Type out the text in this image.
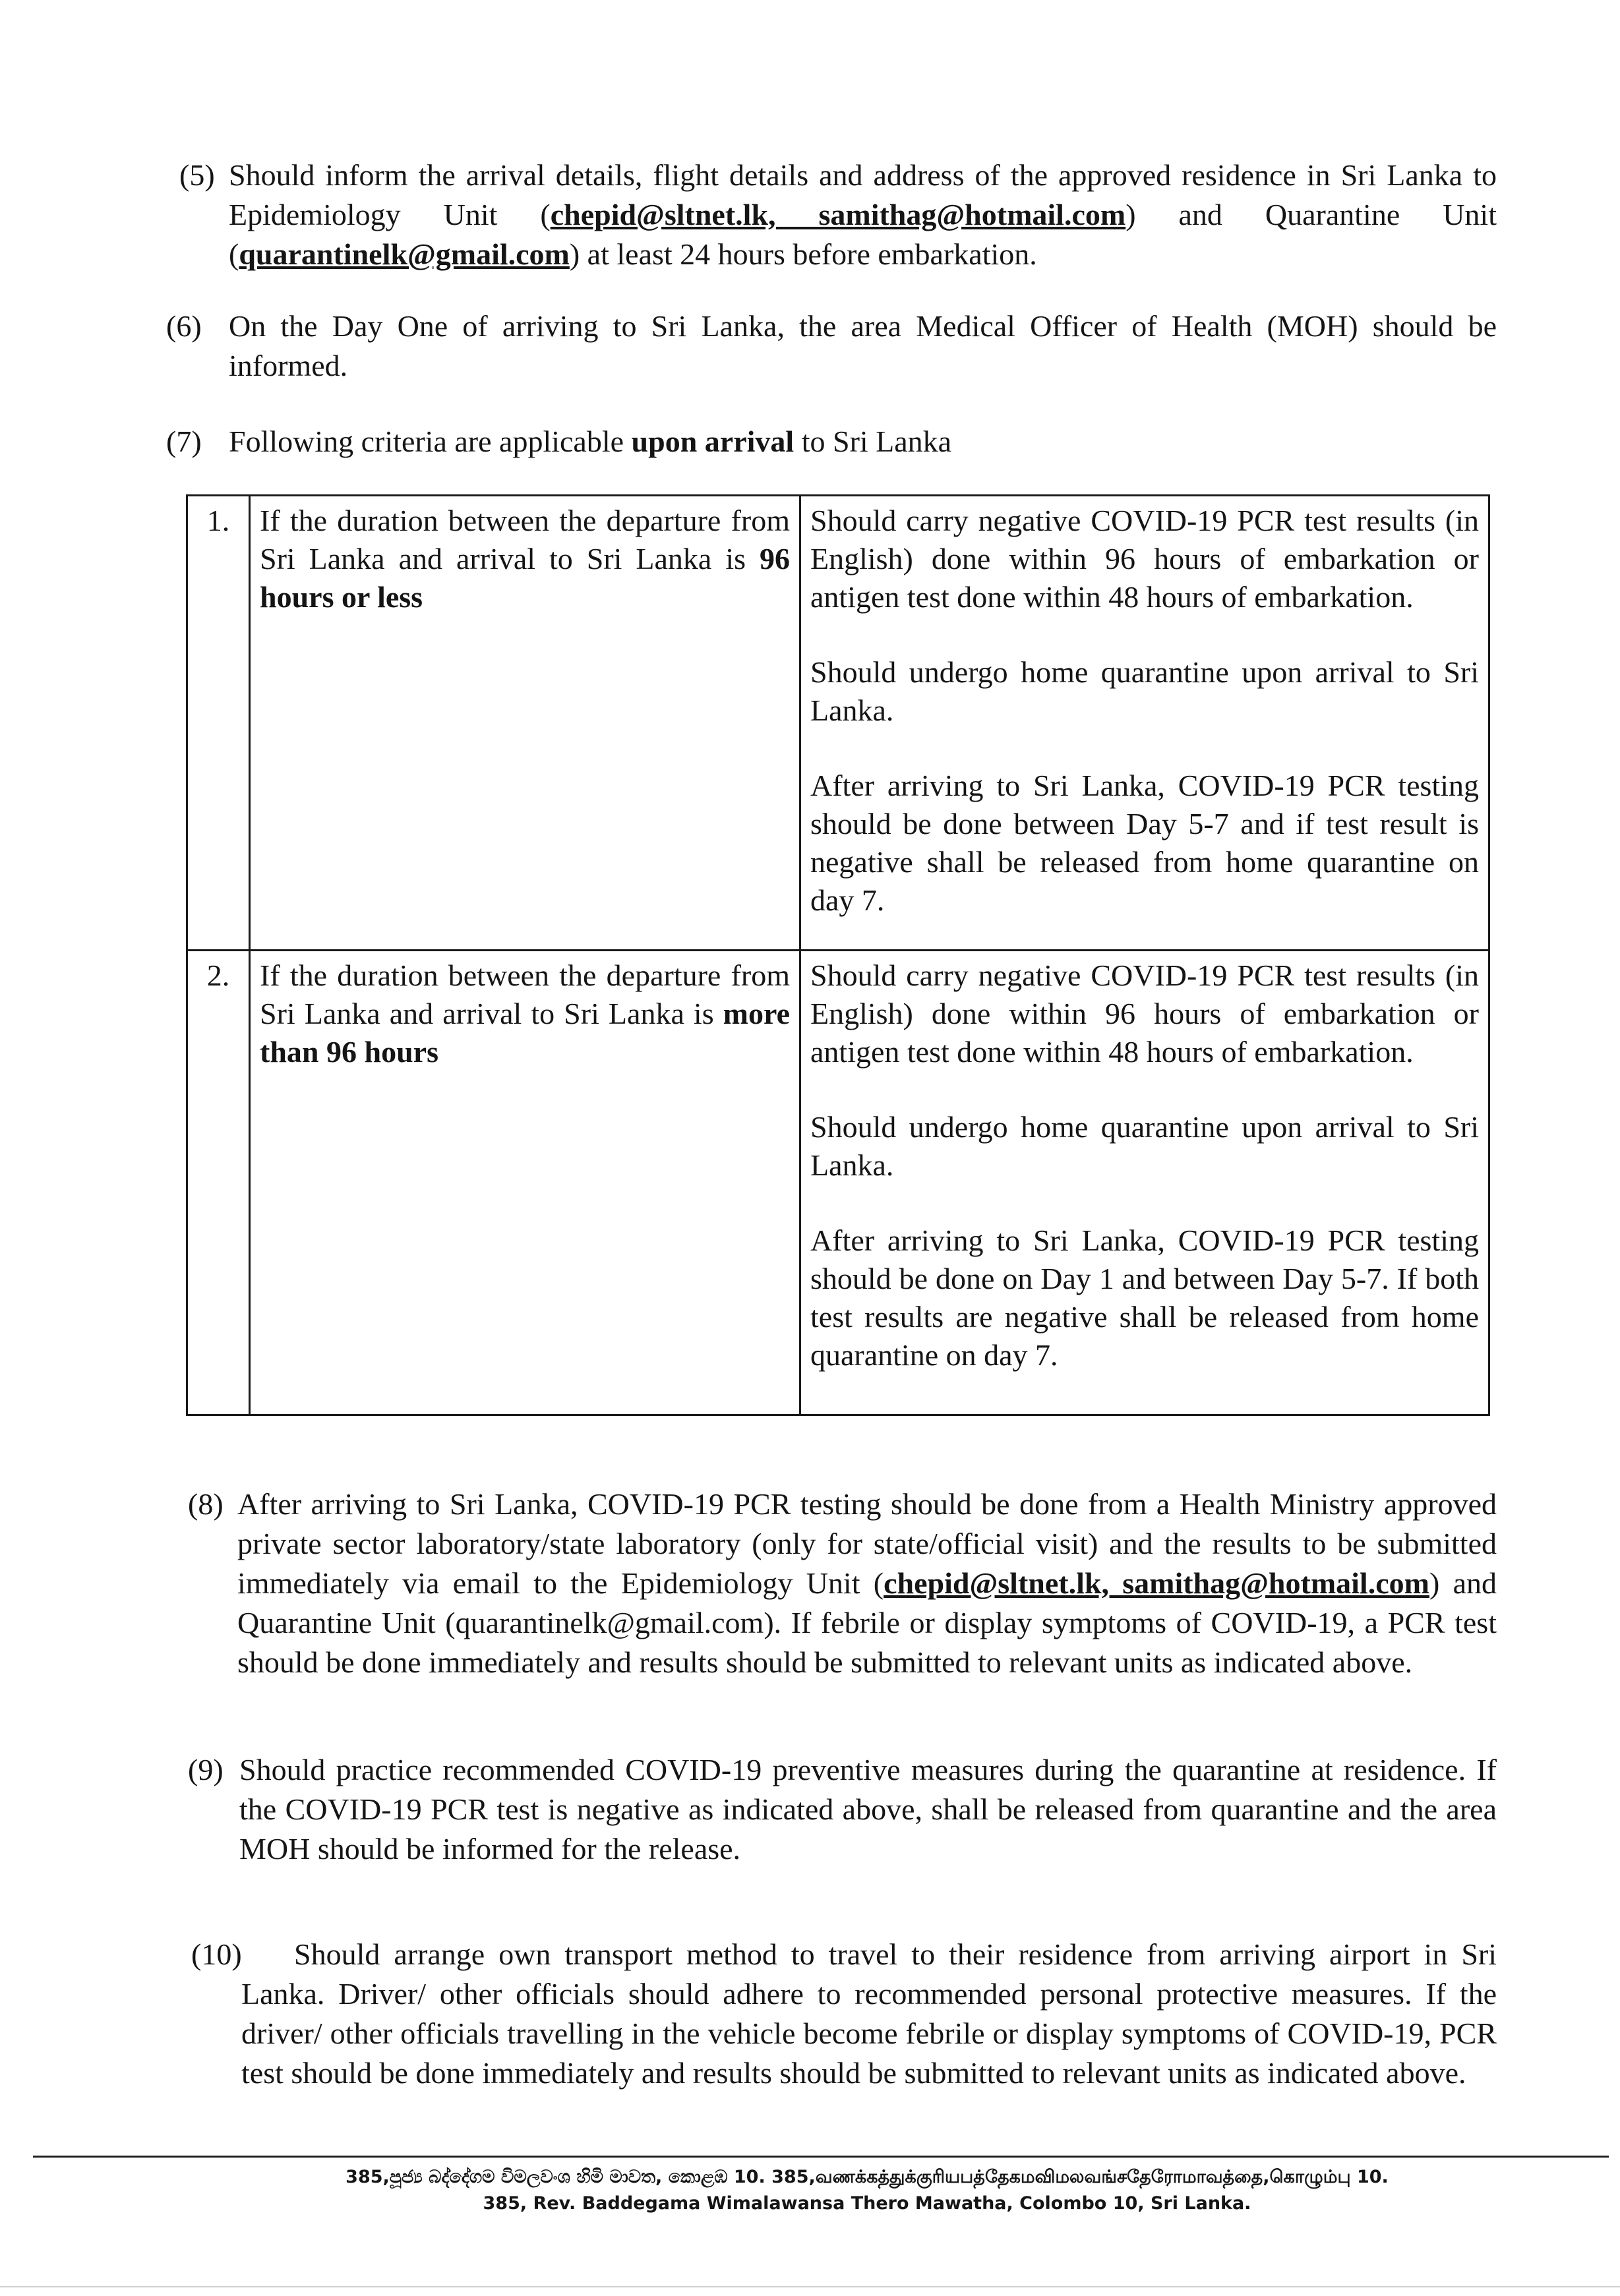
(5) Should inform the arrival details, flight details and address of the approved residence in Sri Lanka to Epidemiology Unit (chepid@sltnet.lk, samithag@hotmail.com) and Quarantine Unit (quarantinelk@gmail.com) at least 24 hours before embarkation.
(6) On the Day One of arriving to Sri Lanka, the area Medical Officer of Health (MOH) should be informed.
(7) Following criteria are applicable upon arrival to Sri Lanka
1.	If the duration between the departure from Sri Lanka and arrival to Sri Lanka is 96 hours or less	Should carry negative COVID-19 PCR test results (in English) done within 96 hours of embarkation or antigen test done within 48 hours of embarkation.

Should undergo home quarantine upon arrival to Sri Lanka.

After arriving to Sri Lanka, COVID-19 PCR testing should be done between Day 5-7 and if test result is negative shall be released from home quarantine on day 7.

2.	If the duration between the departure from Sri Lanka and arrival to Sri Lanka is more than 96 hours	Should carry negative COVID-19 PCR test results (in English) done within 96 hours of embarkation or antigen test done within 48 hours of embarkation.

Should undergo home quarantine upon arrival to Sri Lanka.

After arriving to Sri Lanka, COVID-19 PCR testing should be done on Day 1 and between Day 5-7. If both test results are negative shall be released from home quarantine on day 7.

(8) After arriving to Sri Lanka, COVID-19 PCR testing should be done from a Health Ministry approved private sector laboratory/state laboratory (only for state/official visit) and the results to be submitted immediately via email to the Epidemiology Unit (chepid@sltnet.lk, samithag@hotmail.com) and Quarantine Unit (quarantinelk@gmail.com). If febrile or display symptoms of COVID-19, a PCR test should be done immediately and results should be submitted to relevant units as indicated above.
(9) Should practice recommended COVID-19 preventive measures during the quarantine at residence. If the COVID-19 PCR test is negative as indicated above, shall be released from quarantine and the area MOH should be informed for the release.
(10)	Should arrange own transport method to travel to their residence from arriving airport in Sri Lanka. Driver/ other officials should adhere to recommended personal protective measures. If the driver/ other officials travelling in the vehicle become febrile or display symptoms of COVID-19, PCR test should be done immediately and results should be submitted to relevant units as indicated above.
385,පූජ්‍ය බද්දේගම විමලවංශ හිමි මාවත, කොළඹ 10. 385,வணக்கத்துக்குரியபத்தேகமவிமலவங்சதேரோமாவத்தை,கொழும்பு 10.
385, Rev. Baddegama Wimalawansa Thero Mawatha, Colombo 10, Sri Lanka.
